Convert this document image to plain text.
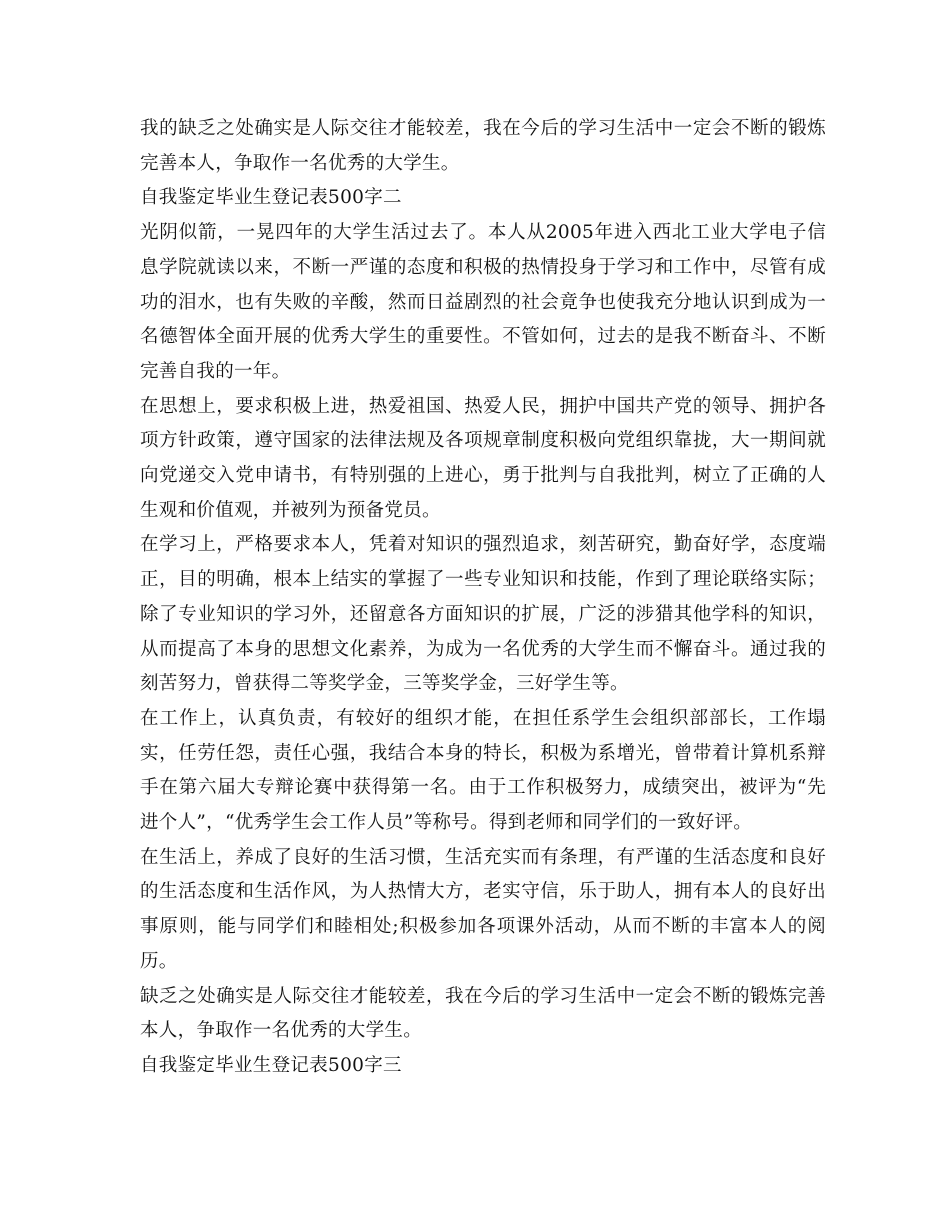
我的缺乏之处确实是人际交往才能较差，我在今后的学习生活中一定会不断的锻炼完善本人，争取作一名优秀的大学生。

自我鉴定毕业生登记表500字二

光阴似箭，一晃四年的大学生活过去了。本人从2005年进入西北工业大学电子信息学院就读以来，不断一严谨的态度和积极的热情投身于学习和工作中，尽管有成功的泪水，也有失败的辛酸，然而日益剧烈的社会竟争也使我充分地认识到成为一名德智体全面开展的优秀大学生的重要性。不管如何，过去的是我不断奋斗、不断完善自我的一年。

在思想上，要求积极上进，热爱祖国、热爱人民，拥护中国共产党的领导、拥护各项方针政策，遵守国家的法律法规及各项规章制度积极向党组织靠拢，大一期间就向党递交入党申请书，有特别强的上进心，勇于批判与自我批判，树立了正确的人生观和价值观，并被列为预备党员。

在学习上，严格要求本人，凭着对知识的强烈追求，刻苦研究，勤奋好学，态度端正，目的明确，根本上结实的掌握了一些专业知识和技能，作到了理论联络实际；除了专业知识的学习外，还留意各方面知识的扩展，广泛的涉猎其他学科的知识，从而提高了本身的思想文化素养，为成为一名优秀的大学生而不懈奋斗。通过我的刻苦努力，曾获得二等奖学金，三等奖学金，三好学生等。

在工作上，认真负责，有较好的组织才能，在担任系学生会组织部部长，工作塌实，任劳任怨，责任心强，我结合本身的特长，积极为系增光，曾带着计算机系辩手在第六届大专辩论赛中获得第一名。由于工作积极努力，成绩突出，被评为“先进个人”，“优秀学生会工作人员”等称号。得到老师和同学们的一致好评。

在生活上，养成了良好的生活习惯，生活充实而有条理，有严谨的生活态度和良好的生活态度和生活作风，为人热情大方，老实守信，乐于助人，拥有本人的良好出事原则，能与同学们和睦相处;积极参加各项课外活动，从而不断的丰富本人的阅历。

缺乏之处确实是人际交往才能较差，我在今后的学习生活中一定会不断的锻炼完善本人，争取作一名优秀的大学生。

自我鉴定毕业生登记表500字三
